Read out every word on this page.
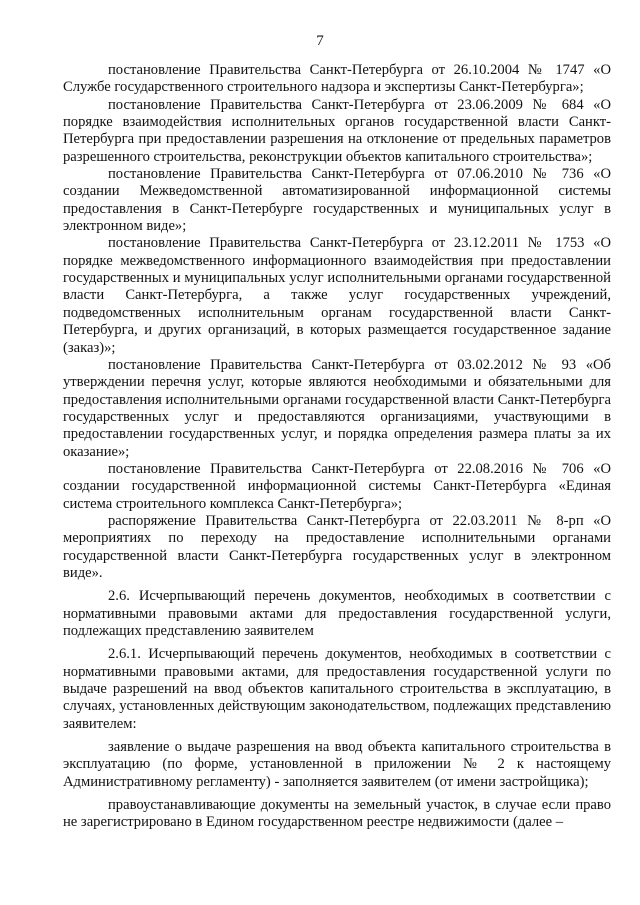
7

постановление Правительства Санкт-Петербурга от 26.10.2004 № 1747 «О Службе государственного строительного надзора и экспертизы Санкт-Петербурга»;

постановление Правительства Санкт-Петербурга от 23.06.2009 № 684 «О порядке взаимодействия исполнительных органов государственной власти Санкт-Петербурга при предоставлении разрешения на отклонение от предельных параметров разрешенного строительства, реконструкции объектов капитального строительства»;

постановление Правительства Санкт-Петербурга от 07.06.2010 № 736 «О создании Межведомственной автоматизированной информационной системы предоставления в Санкт-Петербурге государственных и муниципальных услуг в электронном виде»;

постановление Правительства Санкт-Петербурга от 23.12.2011 № 1753 «О порядке межведомственного информационного взаимодействия при предоставлении государственных и муниципальных услуг исполнительными органами государственной власти Санкт-Петербурга, а также услуг государственных учреждений, подведомственных исполнительным органам государственной власти Санкт-Петербурга, и других организаций, в которых размещается государственное задание (заказ)»;

постановление Правительства Санкт-Петербурга от 03.02.2012 № 93 «Об утверждении перечня услуг, которые являются необходимыми и обязательными для предоставления исполнительными органами государственной власти Санкт-Петербурга государственных услуг и предоставляются организациями, участвующими в предоставлении государственных услуг, и порядка определения размера платы за их оказание»;

постановление Правительства Санкт-Петербурга от 22.08.2016 № 706 «О создании государственной информационной системы Санкт-Петербурга «Единая система строительного комплекса Санкт-Петербурга»;

распоряжение Правительства Санкт-Петербурга от 22.03.2011 № 8-рп «О мероприятиях по переходу на предоставление исполнительными органами государственной власти Санкт-Петербурга государственных услуг в электронном виде».

2.6. Исчерпывающий перечень документов, необходимых в соответствии с нормативными правовыми актами для предоставления государственной услуги, подлежащих представлению заявителем

2.6.1. Исчерпывающий перечень документов, необходимых в соответствии с нормативными правовыми актами, для предоставления государственной услуги по выдаче разрешений на ввод объектов капитального строительства в эксплуатацию, в случаях, установленных действующим законодательством, подлежащих представлению заявителем:

заявление о выдаче разрешения на ввод объекта капитального строительства в эксплуатацию (по форме, установленной в приложении № 2 к настоящему Административному регламенту) - заполняется заявителем (от имени застройщика);

правоустанавливающие документы на земельный участок, в случае если право не зарегистрировано в Едином государственном реестре недвижимости (далее –
